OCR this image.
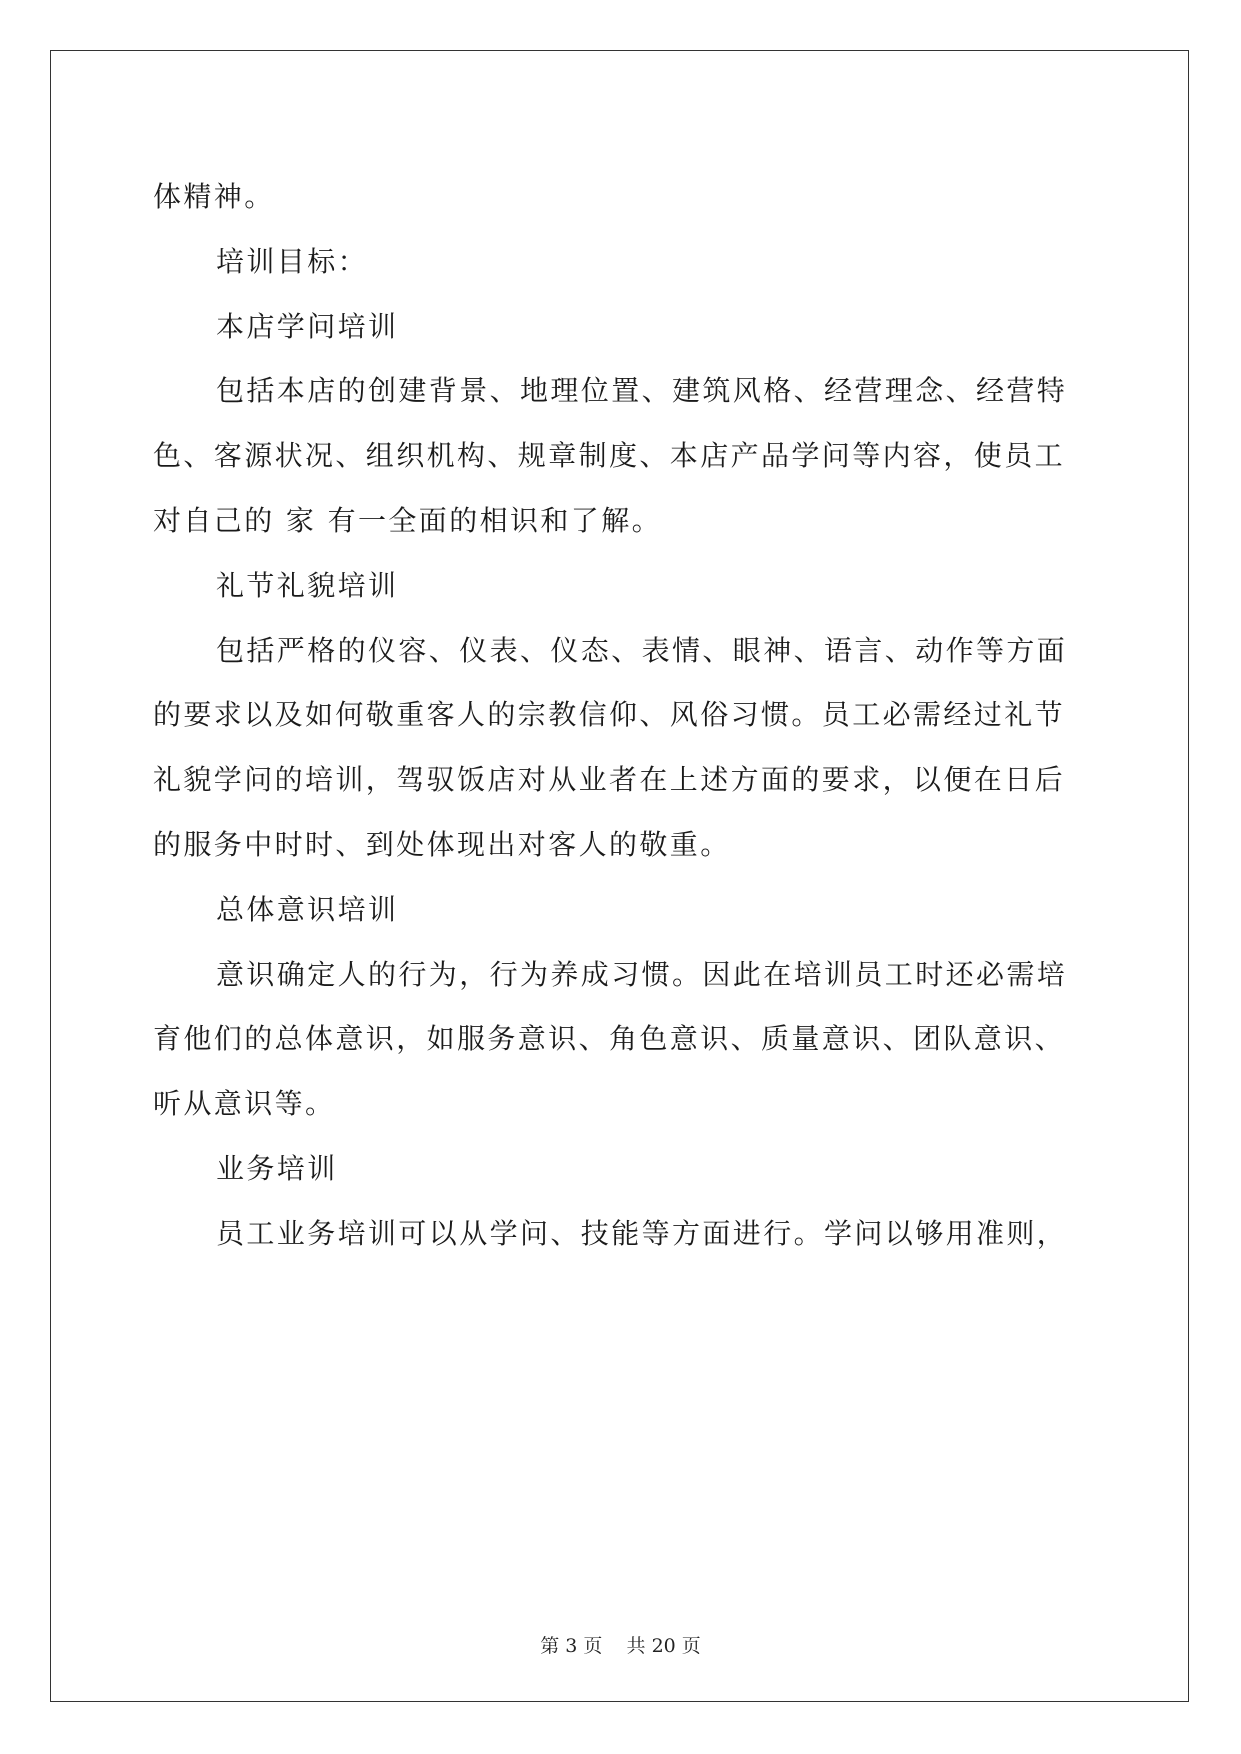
体精神。

培训目标：

本店学问培训

包括本店的创建背景、地理位置、建筑风格、经营理念、经营特

色、客源状况、组织机构、规章制度、本店产品学问等内容，使员工

对自己的 家 有一全面的相识和了解。

礼节礼貌培训

包括严格的仪容、仪表、仪态、表情、眼神、语言、动作等方面

的要求以及如何敬重客人的宗教信仰、风俗习惯。员工必需经过礼节

礼貌学问的培训，驾驭饭店对从业者在上述方面的要求，以便在日后

的服务中时时、到处体现出对客人的敬重。

总体意识培训

意识确定人的行为，行为养成习惯。因此在培训员工时还必需培

育他们的总体意识，如服务意识、角色意识、质量意识、团队意识、

听从意识等。

业务培训

员工业务培训可以从学问、技能等方面进行。学问以够用准则，

第 3 页 共 20 页
